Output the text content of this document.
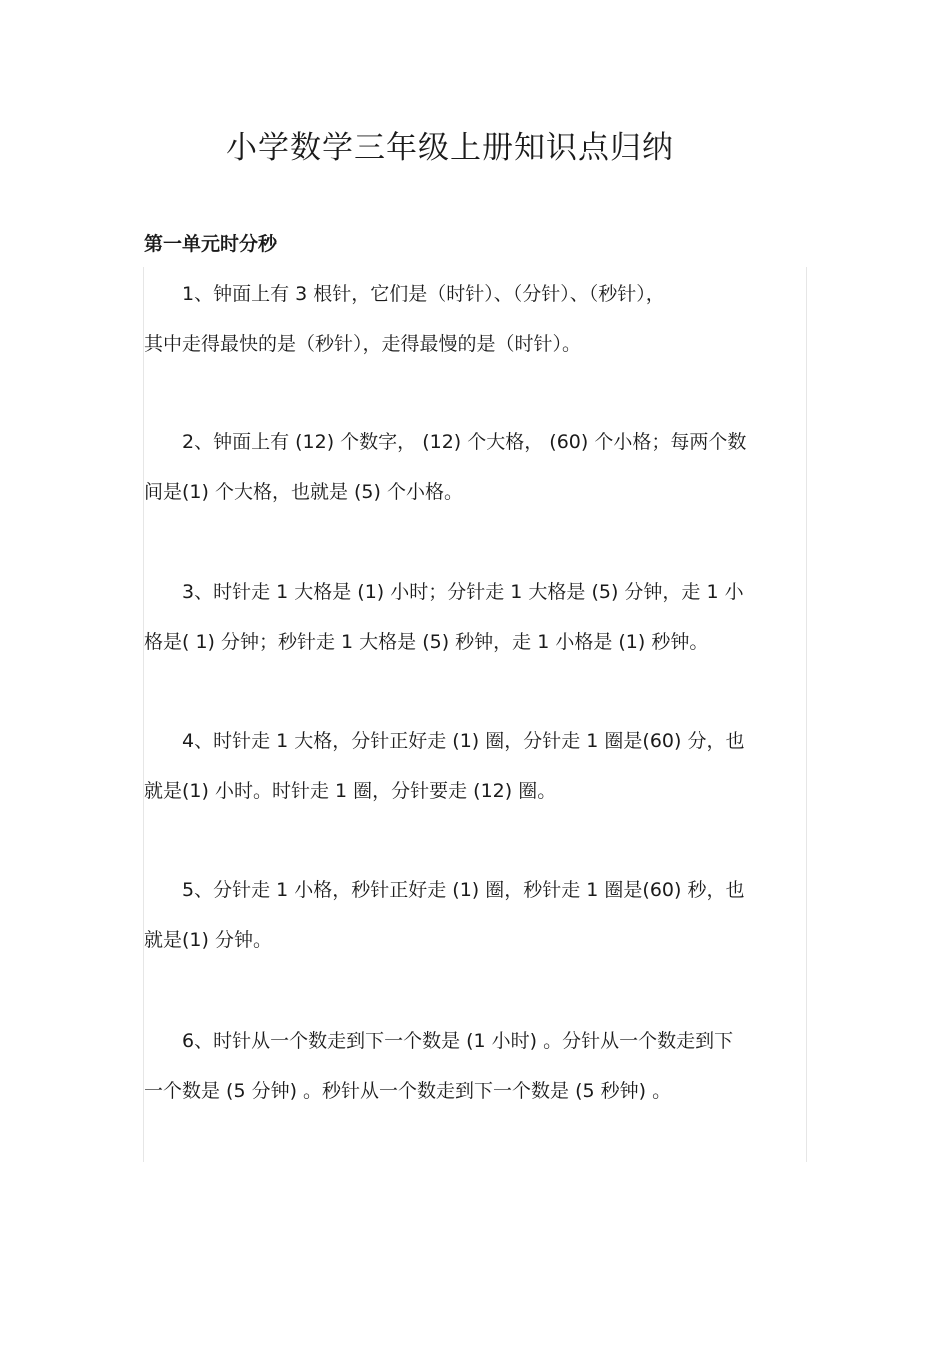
小学数学三年级上册知识点归纳
第一单元时分秒

1、钟面上有 3 根针，它们是（时针）、（分针）、（秒针），
其中走得最快的是（秒针），走得最慢的是（时针）。

2、钟面上有 (12) 个数字， (12) 个大格， (60) 个小格；每两个数
间是(1) 个大格，也就是 (5) 个小格。

3、时针走 1 大格是 (1) 小时；分针走 1 大格是 (5) 分钟，走 1 小
格是( 1) 分钟；秒针走 1 大格是 (5) 秒钟，走 1 小格是 (1) 秒钟。

4、时针走 1 大格，分针正好走 (1) 圈，分针走 1 圈是(60) 分，也
就是(1) 小时。时针走 1 圈，分针要走 (12) 圈。

5、分针走 1 小格，秒针正好走 (1) 圈，秒针走 1 圈是(60) 秒，也
就是(1) 分钟。

6、时针从一个数走到下一个数是 (1 小时) 。分针从一个数走到下
一个数是 (5 分钟) 。秒针从一个数走到下一个数是 (5 秒钟) 。
